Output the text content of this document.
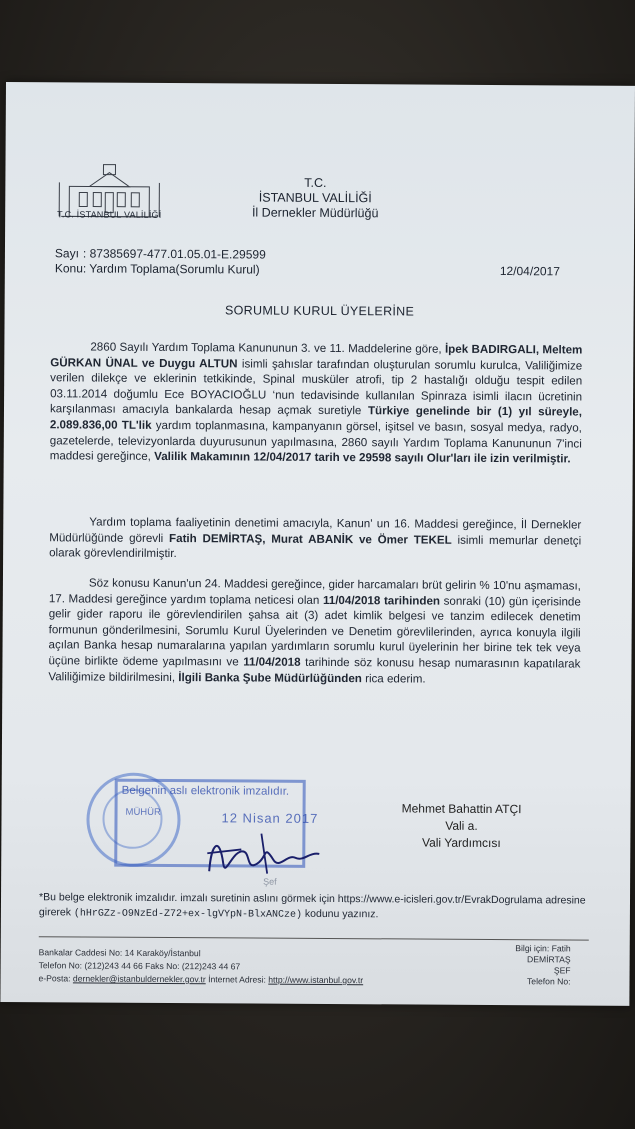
T.C. İSTANBUL VALİLİĞİ
T.C.
İSTANBUL VALİLİĞİ
İl Dernekler Müdürlüğü
Sayı : 87385697-477.01.05.01-E.29599
Konu : Yardım Toplama(Sorumlu Kurul)	12/04/2017
SORUMLU KURUL ÜYELERİNE
2860 Sayılı Yardım Toplama Kanununun 3. ve 11. Maddelerine göre, İpek BADIRGALI, Meltem GÜRKAN ÜNAL ve Duygu ALTUN isimli şahıslar tarafından oluşturulan sorumlu kurulca, Valiliğimize verilen dilekçe ve eklerinin tetkikinde, Spinal musküler atrofi, tip 2 hastalığı olduğu tespit edilen 03.11.2014 doğumlu Ece BOYACIOĞLU ‘nun tedavisinde kullanılan Spinraza isimli ilacın ücretinin karşılanması amacıyla bankalarda hesap açmak suretiyle Türkiye genelinde bir (1) yıl süreyle, 2.089.836,00 TL'lik yardım toplanmasına, kampanyanın görsel, işitsel ve basın, sosyal medya, radyo, gazetelerde, televizyonlarda duyurusunun yapılmasına, 2860 sayılı Yardım Toplama Kanununun 7'inci maddesi gereğince, Valilik Makamının 12/04/2017 tarih ve 29598 sayılı Olur'ları ile izin verilmiştir.
Yardım toplama faaliyetinin denetimi amacıyla, Kanun' un 16. Maddesi gereğince, İl Dernekler Müdürlüğünde görevli Fatih DEMİRTAŞ, Murat ABANİK ve Ömer TEKEL isimli memurlar denetçi olarak görevlendirilmiştir.
Söz konusu Kanun'un 24. Maddesi gereğince, gider harcamaları brüt gelirin % 10'nu aşmaması, 17. Maddesi gereğince yardım toplama neticesi olan 11/04/2018 tarihinden sonraki (10) gün içerisinde gelir gider raporu ile görevlendirilen şahsa ait (3) adet kimlik belgesi ve tanzim edilecek denetim formunun gönderilmesini, Sorumlu Kurul Üyelerinden ve Denetim görevlilerinden, ayrıca konuyla ilgili açılan Banka hesap numaralarına yapılan yardımların sorumlu kurul üyelerinin her birine tek tek veya üçüne birlikte ödeme yapılmasını ve 11/04/2018 tarihinde söz konusu hesap numarasının kapatılarak Valiliğimize bildirilmesini, İlgili Banka Şube Müdürlüğünden rica ederim.
Belgenin aslı elektronik imzalıdır.
MÜHÜR	12 Nisan 2017
Şef
Mehmet Bahattin ATÇI
Vali a.
Vali Yardımcısı
*Bu belge elektronik imzalıdır. imzalı suretinin aslını görmek için https://www.e-icisleri.gov.tr/EvrakDogrulama adresine girerek (hHrGZz-O9NzEd-Z72+ex-lgVYpN-BlxANCze) kodunu yazınız.
Bankalar Caddesi No: 14 Karaköy/İstanbul
Telefon No: (212)243 44 66 Faks No: (212)243 44 67
e-Posta: dernekler@istanbuldernekler.gov.tr İnternet Adresi: http://www.istanbul.gov.tr
Bilgi için: Fatih DEMİRTAŞ
ŞEF
Telefon No:
